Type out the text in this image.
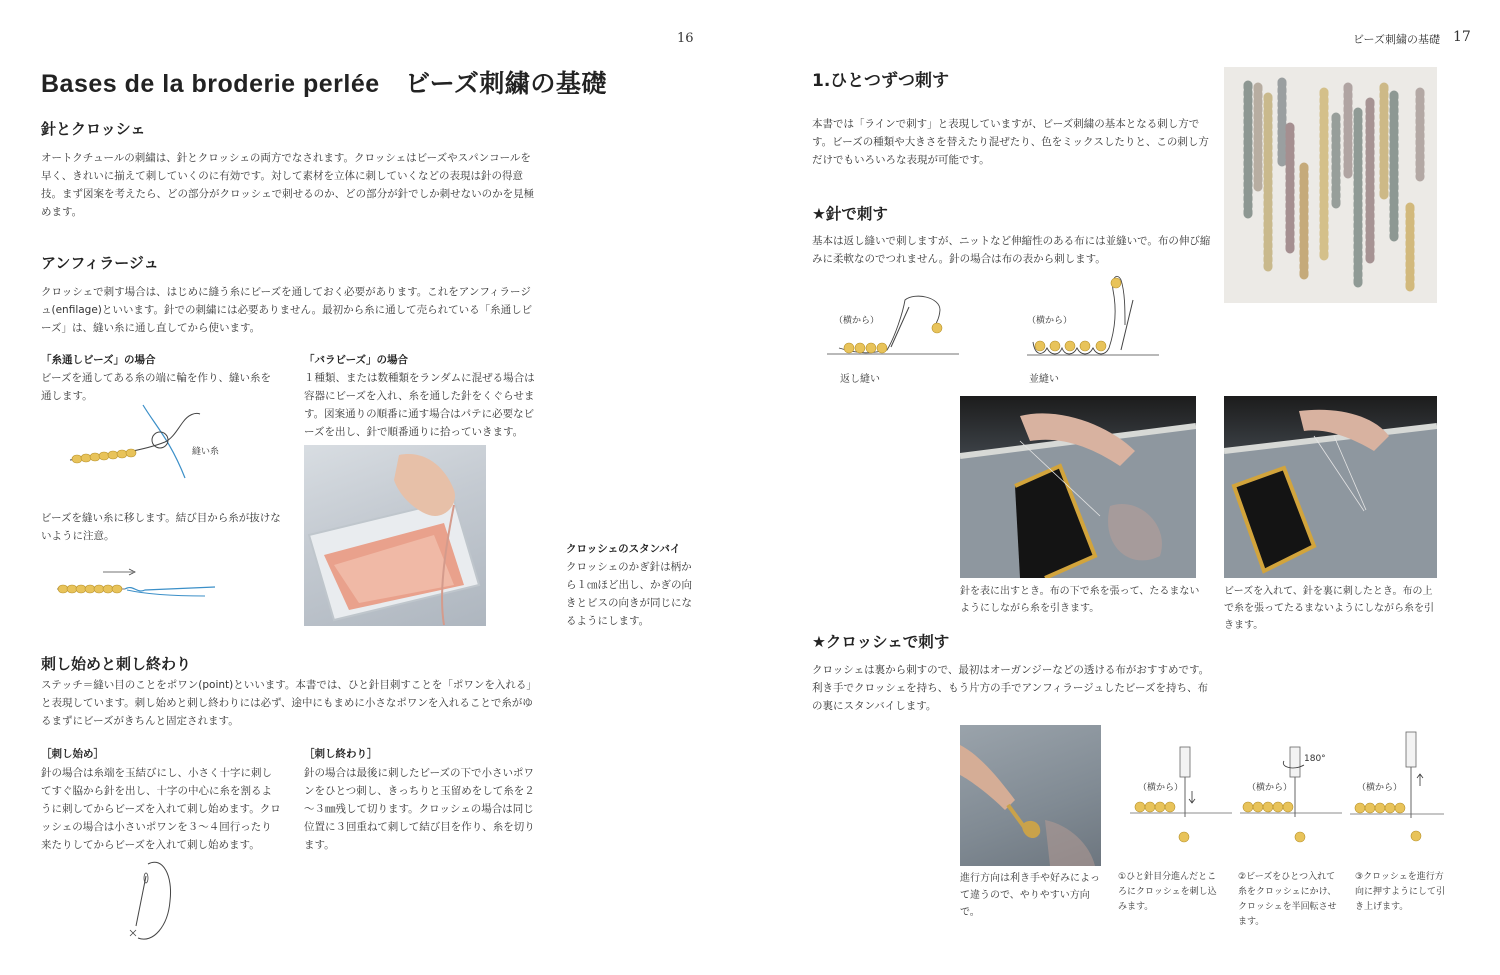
16
Bases de la broderie perlée　ビーズ刺繍の基礎
針とクロッシェ
オートクチュールの刺繍は、針とクロッシェの両方でなされます。クロッシェはビーズやスパンコールを早く、きれいに揃えて刺していくのに有効です。対して素材を立体に刺していくなどの表現は針の得意技。まず図案を考えたら、どの部分がクロッシェで刺せるのか、どの部分が針でしか刺せないのかを見極めます。
アンフィラージュ
クロッシェで刺す場合は、はじめに縫う糸にビーズを通しておく必要があります。これをアンフィラージュ(enfilage)といいます。針での刺繍には必要ありません。最初から糸に通して売られている「糸通しビーズ」は、縫い糸に通し直してから使います。
「糸通しビーズ」の場合
ビーズを通してある糸の端に輪を作り、縫い糸を通します。
縫い糸
ビーズを縫い糸に移します。結び目から糸が抜けないように注意。
「バラビーズ」の場合
１種類、または数種類をランダムに混ぜる場合は容器にビーズを入れ、糸を通した針をくぐらせます。図案通りの順番に通す場合はパテに必要なビーズを出し、針で順番通りに拾っていきます。
クロッシェのスタンバイ
クロッシェのかぎ針は柄から１㎝ほど出し、かぎの向きとビスの向きが同じになるようにします。
刺し始めと刺し終わり
ステッチ＝縫い目のことをポワン(point)といいます。本書では、ひと針目刺すことを「ポワンを入れる」と表現しています。刺し始めと刺し終わりには必ず、途中にもまめに小さなポワンを入れることで糸がゆるまずにビーズがきちんと固定されます。
［刺し始め］
針の場合は糸端を玉結びにし、小さく十字に刺してすぐ脇から針を出し、十字の中心に糸を割るように刺してからビーズを入れて刺し始めます。クロッシェの場合は小さいポワンを３～４回行ったり来たりしてからビーズを入れて刺し始めます。
［刺し終わり］
針の場合は最後に刺したビーズの下で小さいポワンをひとつ刺し、きっちりと玉留めをして糸を２～３㎜残して切ります。クロッシェの場合は同じ位置に３回重ねて刺して結び目を作り、糸を切ります。
ビーズ刺繍の基礎 17
1.ひとつずつ刺す
本書では「ラインで刺す」と表現していますが、ビーズ刺繍の基本となる刺し方です。ビーズの種類や大きさを替えたり混ぜたり、色をミックスしたりと、この刺し方だけでもいろいろな表現が可能です。
★針で刺す
基本は返し縫いで刺しますが、ニットなど伸縮性のある布には並縫いで。布の伸び縮みに柔軟なのでつれません。針の場合は布の表から刺します。
（横から）
返し縫い
（横から）
並縫い
針を表に出すとき。布の下で糸を張って、たるまないようにしながら糸を引きます。
ビーズを入れて、針を裏に刺したとき。布の上で糸を張ってたるまないようにしながら糸を引きます。
★クロッシェで刺す
クロッシェは裏から刺すので、最初はオーガンジーなどの透ける布がおすすめです。利き手でクロッシェを持ち、もう片方の手でアンフィラージュしたビーズを持ち、布の裏にスタンバイします。
進行方向は利き手や好みによって違うので、やりやすい方向で。
（横から）
①ひと針目分進んだところにクロッシェを刺し込みます。
（横から）
180°
②ビーズをひとつ入れて糸をクロッシェにかけ、クロッシェを半回転させます。
（横から）
③クロッシェを進行方向に押すようにして引き上げます。
